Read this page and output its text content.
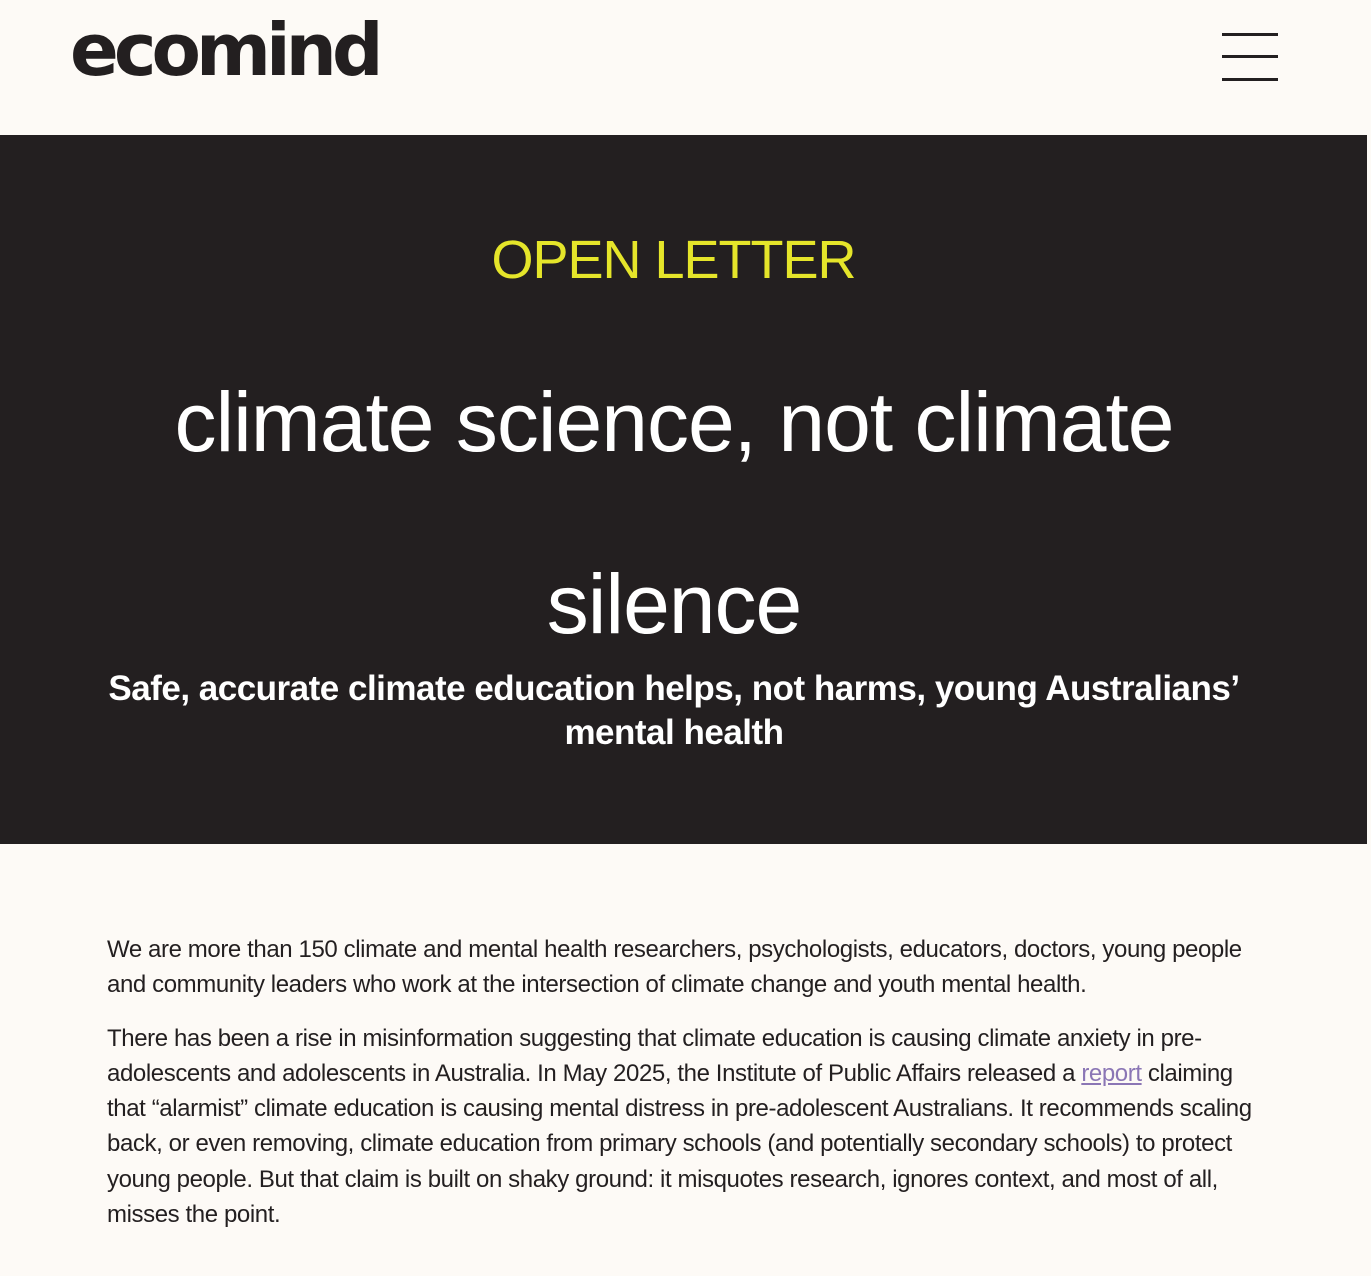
ecomind
OPEN LETTER
climate science, not climate silence
Safe, accurate climate education helps, not harms, young Australians’ mental health

We are more than 150 climate and mental health researchers, psychologists, educators, doctors, young people and community leaders who work at the intersection of climate change and youth mental health.

There has been a rise in misinformation suggesting that climate education is causing climate anxiety in pre-adolescents and adolescents in Australia. In May 2025, the Institute of Public Affairs released a report claiming that “alarmist” climate education is causing mental distress in pre-adolescent Australians. It recommends scaling back, or even removing, climate education from primary schools (and potentially secondary schools) to protect young people. But that claim is built on shaky ground: it misquotes research, ignores context, and most of all, misses the point.
